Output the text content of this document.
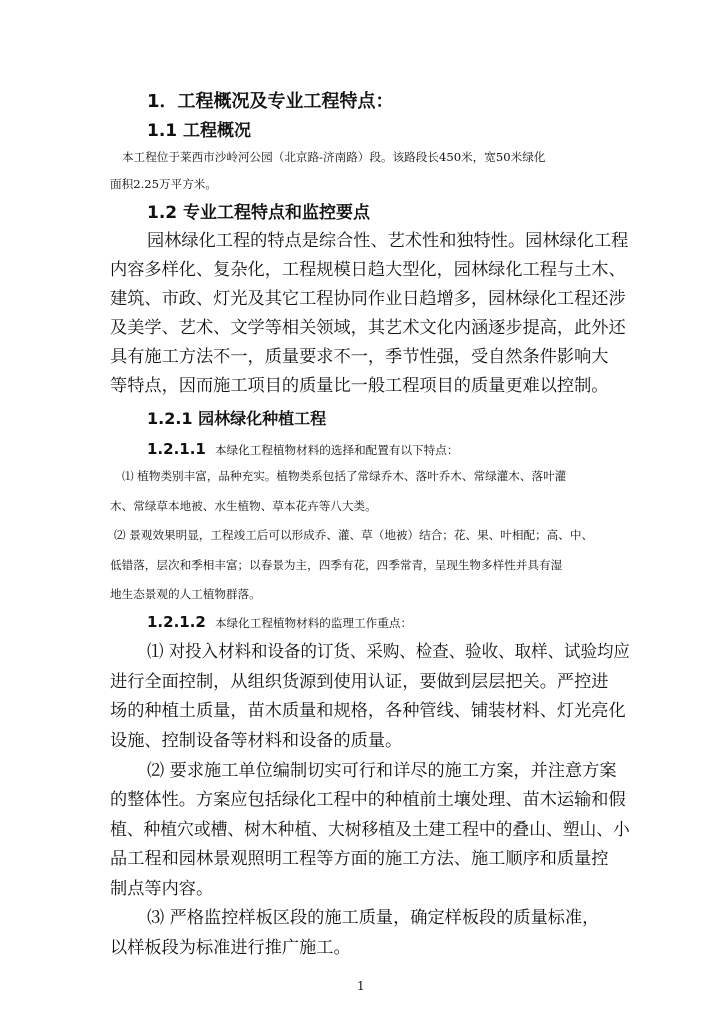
1．工程概况及专业工程特点：
1.1 工程概况
本工程位于莱西市沙岭河公园（北京路-济南路）段。该路段长450米，宽50米绿化
面积2.25万平方米。
1.2 专业工程特点和监控要点
园林绿化工程的特点是综合性、艺术性和独特性。园林绿化工程
内容多样化、复杂化，工程规模日趋大型化，园林绿化工程与土木、
建筑、市政、灯光及其它工程协同作业日趋增多，园林绿化工程还涉
及美学、艺术、文学等相关领域，其艺术文化内涵逐步提高，此外还
具有施工方法不一，质量要求不一，季节性强，受自然条件影响大
等特点，因而施工项目的质量比一般工程项目的质量更难以控制。
1.2.1 园林绿化种植工程
1.2.1.1 本绿化工程植物材料的选择和配置有以下特点：
⑴ 植物类别丰富，品种充实。植物类系包括了常绿乔木、落叶乔木、常绿灌木、落叶灌
木、常绿草本地被、水生植物、草本花卉等八大类。
⑵ 景观效果明显，工程竣工后可以形成乔、灌、草（地被）结合；花、果、叶相配；高、中、
低错落，层次和季相丰富；以春景为主，四季有花，四季常青，呈现生物多样性并具有湿
地生态景观的人工植物群落。
1.2.1.2 本绿化工程植物材料的监理工作重点：
⑴ 对投入材料和设备的订货、采购、检查、验收、取样、试验均应
进行全面控制，从组织货源到使用认证，要做到层层把关。严控进
场的种植土质量，苗木质量和规格，各种管线、铺装材料、灯光亮化
设施、控制设备等材料和设备的质量。
⑵ 要求施工单位编制切实可行和详尽的施工方案，并注意方案
的整体性。方案应包括绿化工程中的种植前土壤处理、苗木运输和假
植、种植穴或槽、树木种植、大树移植及土建工程中的叠山、塑山、小
品工程和园林景观照明工程等方面的施工方法、施工顺序和质量控
制点等内容。
⑶ 严格监控样板区段的施工质量，确定样板段的质量标准，
以样板段为标准进行推广施工。
1
